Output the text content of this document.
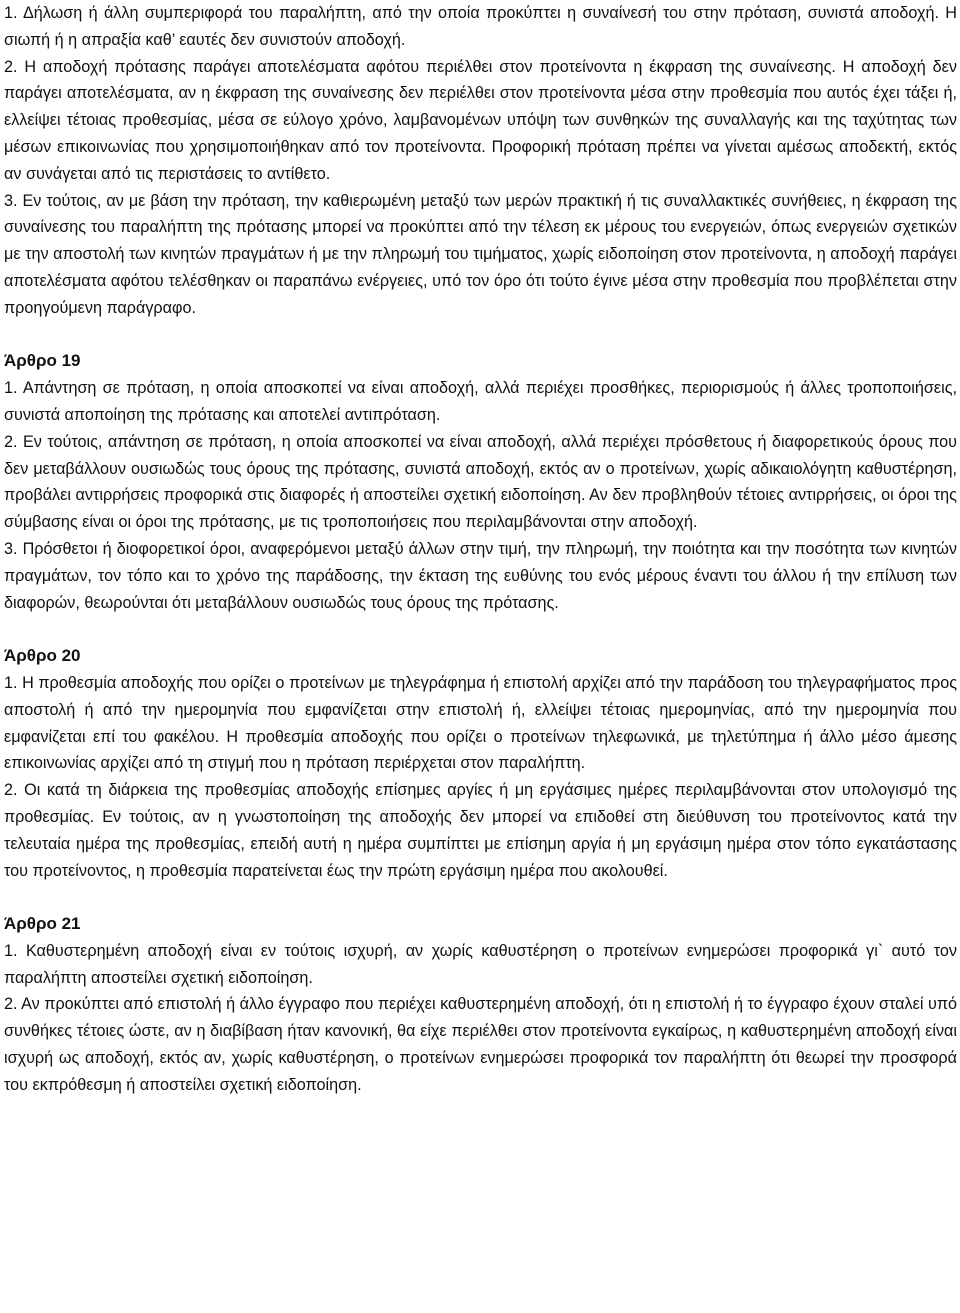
1. Δήλωση ή άλλη συμπεριφορά του παραλήπτη, από την οποία προκύπτει η συναίνεσή του στην πρόταση, συνιστά αποδοχή. Η σιωπή ή η απραξία καθ’ εαυτές δεν συνιστούν αποδοχή.

2. Η αποδοχή πρότασης παράγει αποτελέσματα αφότου περιέλθει στον προτείνοντα η έκφραση της συναίνεσης. Η αποδοχή δεν παράγει αποτελέσματα, αν η έκφραση της συναίνεσης δεν περιέλθει στον προτείνοντα μέσα στην προθεσμία που αυτός έχει τάξει ή, ελλείψει τέτοιας προθεσμίας, μέσα σε εύλογο χρόνο, λαμβανομένων υπόψη των συνθηκών της συναλλαγής και της ταχύτητας των μέσων επικοινωνίας που χρησιμοποιήθηκαν από τον προτείνοντα. Προφορική πρόταση πρέπει να γίνεται αμέσως αποδεκτή, εκτός αν συνάγεται από τις περιστάσεις το αντίθετο.

3. Εν τούτοις, αν με βάση την πρόταση, την καθιερωμένη μεταξύ των μερών πρακτική ή τις συναλλακτικές συνήθειες, η έκφραση της συναίνεσης του παραλήπτη της πρότασης μπορεί να προκύπτει από την τέλεση εκ μέρους του ενεργειών, όπως ενεργειών σχετικών με την αποστολή των κινητών πραγμάτων ή με την πληρωμή του τιμήματος, χωρίς ειδοποίηση στον προτείνοντα, η αποδοχή παράγει αποτελέσματα αφότου τελέσθηκαν οι παραπάνω ενέργειες, υπό τον όρο ότι τούτο έγινε μέσα στην προθεσμία που προβλέπεται στην προηγούμενη παράγραφο.

Άρθρο 19

1. Απάντηση σε πρόταση, η οποία αποσκοπεί να είναι αποδοχή, αλλά περιέχει προσθήκες, περιορισμούς ή άλλες τροποποιήσεις, συνιστά αποποίηση της πρότασης και αποτελεί αντιπρόταση.

2. Εν τούτοις, απάντηση σε πρόταση, η οποία αποσκοπεί να είναι αποδοχή, αλλά περιέχει πρόσθετους ή διαφορετικούς όρους που δεν μεταβάλλουν ουσιωδώς τους όρους της πρότασης, συνιστά αποδοχή, εκτός αν ο προτείνων, χωρίς αδικαιολόγητη καθυστέρηση, προβάλει αντιρρήσεις προφορικά στις διαφορές ή αποστείλει σχετική ειδοποίηση. Αν δεν προβληθούν τέτοιες αντιρρήσεις, οι όροι της σύμβασης είναι οι όροι της πρότασης, με τις τροποποιήσεις που περιλαμβάνονται στην αποδοχή.

3. Πρόσθετοι ή διοφορετικοί όροι, αναφερόμενοι μεταξύ άλλων στην τιμή, την πληρωμή, την ποιότητα και την ποσότητα των κινητών πραγμάτων, τον τόπο και το χρόνο της παράδοσης, την έκταση της ευθύνης του ενός μέρους έναντι του άλλου ή την επίλυση των διαφορών, θεωρούνται ότι μεταβάλλουν ουσιωδώς τους όρους της πρότασης.

Άρθρο 20

1. Η προθεσμία αποδοχής που ορίζει ο προτείνων με τηλεγράφημα ή επιστολή αρχίζει από την παράδοση του τηλεγραφήματος προς αποστολή ή από την ημερομηνία που εμφανίζεται στην επιστολή ή, ελλείψει τέτοιας ημερομηνίας, από την ημερομηνία που εμφανίζεται επί του φακέλου. Η προθεσμία αποδοχής που ορίζει ο προτείνων τηλεφωνικά, με τηλετύπημα ή άλλο μέσο άμεσης επικοινωνίας αρχίζει από τη στιγμή που η πρόταση περιέρχεται στον παραλήπτη.

2. Οι κατά τη διάρκεια της προθεσμίας αποδοχής επίσημες αργίες ή μη εργάσιμες ημέρες περιλαμβάνονται στον υπολογισμό της προθεσμίας. Εν τούτοις, αν η γνωστοποίηση της αποδοχής δεν μπορεί να επιδοθεί στη διεύθυνση του προτείνοντος κατά την τελευταία ημέρα της προθεσμίας, επειδή αυτή η ημέρα συμπίπτει με επίσημη αργία ή μη εργάσιμη ημέρα στον τόπο εγκατάστασης του προτείνοντος, η προθεσμία παρατείνεται έως την πρώτη εργάσιμη ημέρα που ακολουθεί.

Άρθρο 21

1. Καθυστερημένη αποδοχή είναι εν τούτοις ισχυρή, αν χωρίς καθυστέρηση ο προτείνων ενημερώσει προφορικά γι` αυτό τον παραλήπτη αποστείλει σχετική ειδοποίηση.

2. Αν προκύπτει από επιστολή ή άλλο έγγραφο που περιέχει καθυστερημένη αποδοχή, ότι η επιστολή ή το έγγραφο έχουν σταλεί υπό συνθήκες τέτοιες ώστε, αν η διαβίβαση ήταν κανονική, θα είχε περιέλθει στον προτείνοντα εγκαίρως, η καθυστερημένη αποδοχή είναι ισχυρή ως αποδοχή, εκτός αν, χωρίς καθυστέρηση, ο προτείνων ενημερώσει προφορικά τον παραλήπτη ότι θεωρεί την προσφορά του εκπρόθεσμη ή αποστείλει σχετική ειδοποίηση.
